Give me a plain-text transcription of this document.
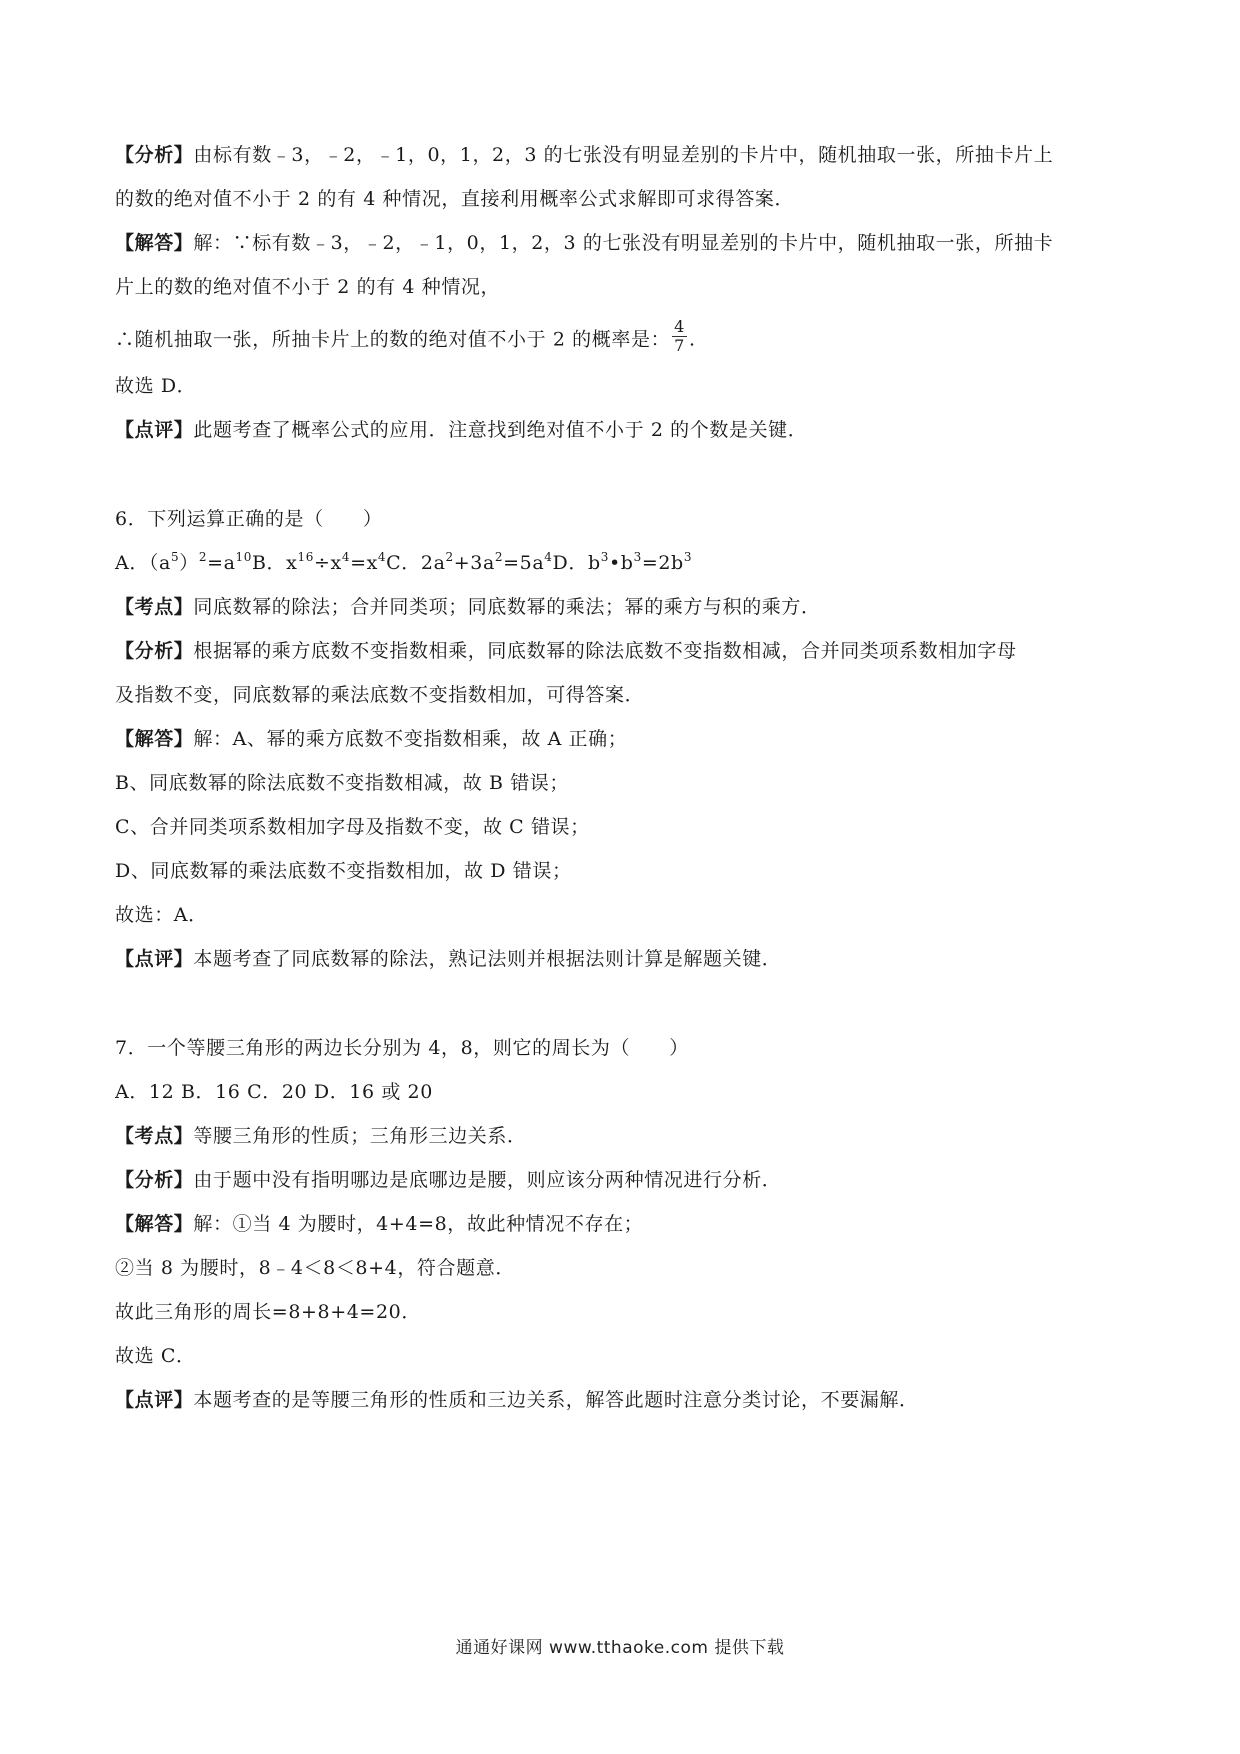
【分析】由标有数﹣3，﹣2，﹣1，0，1，2，3 的七张没有明显差别的卡片中，随机抽取一张，所抽卡片上
的数的绝对值不小于 2 的有 4 种情况，直接利用概率公式求解即可求得答案．
【解答】解：∵标有数﹣3，﹣2，﹣1，0，1，2，3 的七张没有明显差别的卡片中，随机抽取一张，所抽卡
片上的数的绝对值不小于 2 的有 4 种情况，
∴随机抽取一张，所抽卡片上的数的绝对值不小于 2 的概率是： $\frac{4}{7}$ .
故选 D．
【点评】此题考查了概率公式的应用．注意找到绝对值不小于 2 的个数是关键．
6．下列运算正确的是（　　）
A．$(a^5)^2=a^{10}B$．$x^{16}\div x^4=x^4C$．$2a^2+3a^2=5a^4D$．$b^3•b^3=2b^3$
【考点】同底数幂的除法；合并同类项；同底数幂的乘法；幂的乘方与积的乘方．
【分析】根据幂的乘方底数不变指数相乘，同底数幂的除法底数不变指数相减，合并同类项系数相加字母
及指数不变，同底数幂的乘法底数不变指数相加，可得答案．
【解答】解：A、幂的乘方底数不变指数相乘，故 A 正确；
B、同底数幂的除法底数不变指数相减，故 B 错误；
C、合并同类项系数相加字母及指数不变，故 C 错误；
D、同底数幂的乘法底数不变指数相加，故 D 错误；
故选：A．
【点评】本题考查了同底数幂的除法，熟记法则并根据法则计算是解题关键．
7．一个等腰三角形的两边长分别为 4，8，则它的周长为（　　）
A．12 B．16 C．20 D．16 或 20
【考点】等腰三角形的性质；三角形三边关系．
【分析】由于题中没有指明哪边是底哪边是腰，则应该分两种情况进行分析．
【解答】解：①当 4 为腰时，4+4=8，故此种情况不存在；
②当 8 为腰时，8﹣4＜8＜8+4，符合题意．
故此三角形的周长=8+8+4=20．
故选 C．
【点评】本题考查的是等腰三角形的性质和三边关系，解答此题时注意分类讨论，不要漏解．
通通好课网 www.tthaoke.com 提供下载
